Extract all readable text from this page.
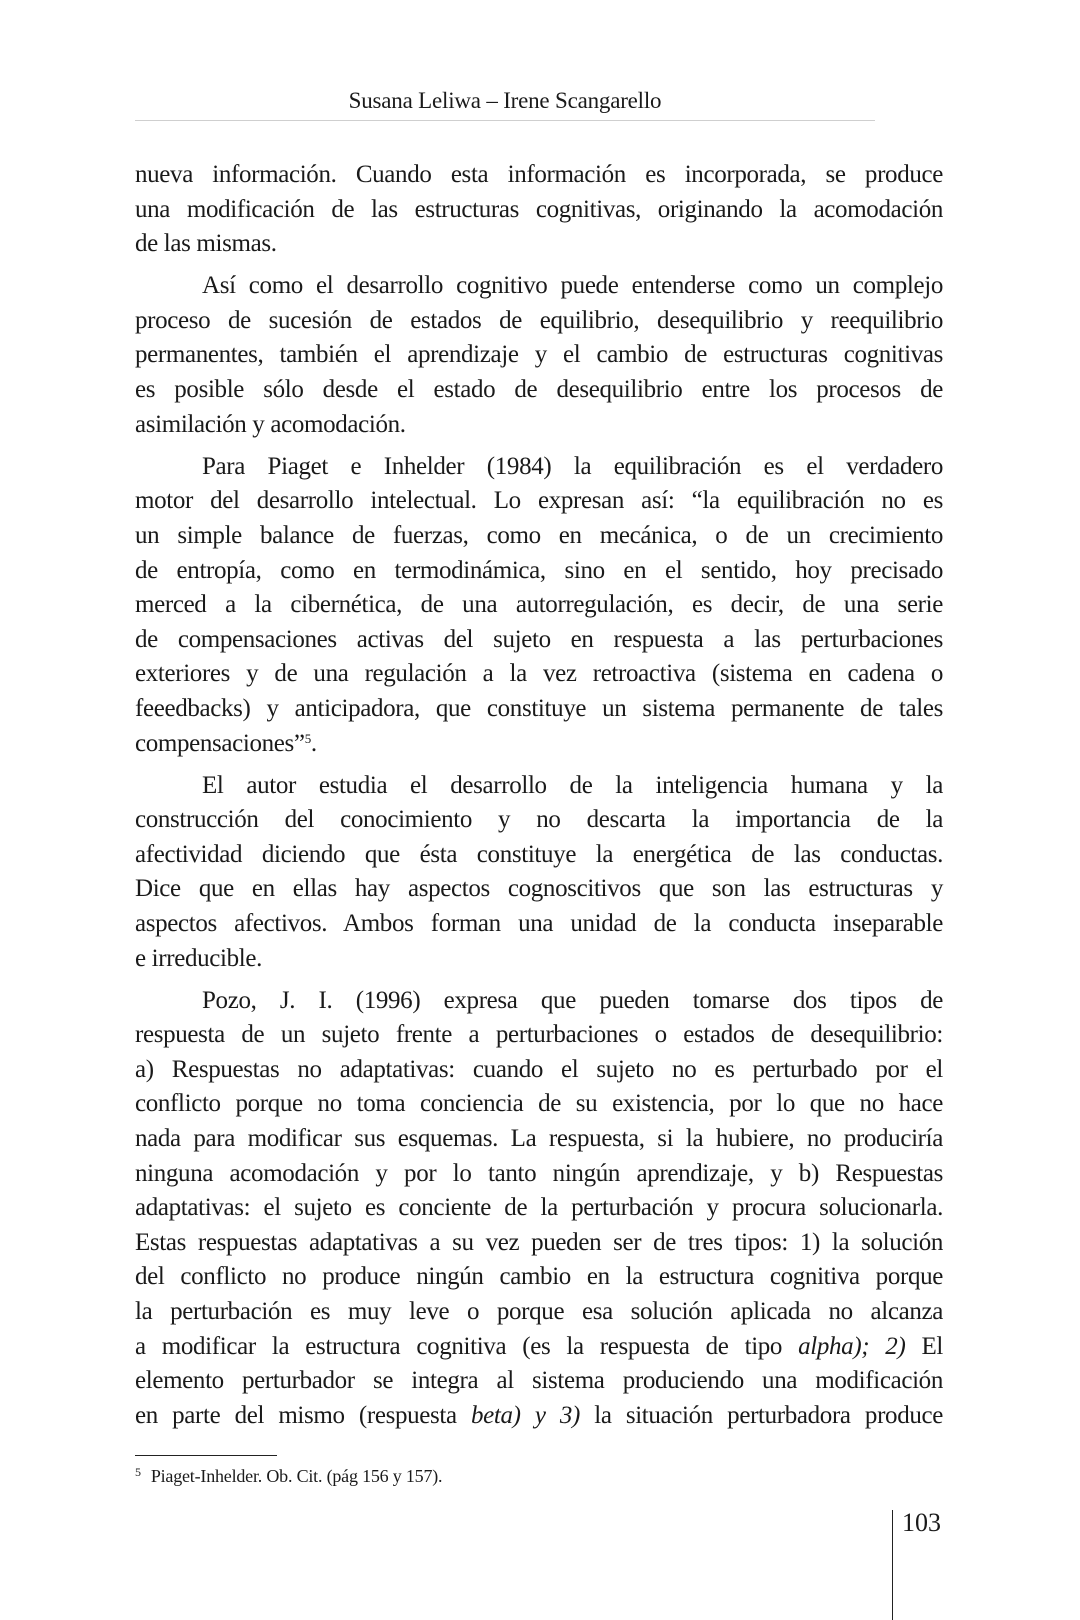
Susana Leliwa – Irene Scangarello
nueva información. Cuando esta información es incorporada, se produce
una modificación de las estructuras cognitivas, originando la acomodación
de las mismas.
Así como el desarrollo cognitivo puede entenderse como un complejo
proceso de sucesión de estados de equilibrio, desequilibrio y reequilibrio
permanentes, también el aprendizaje y el cambio de estructuras cognitivas
es posible sólo desde el estado de desequilibrio entre los procesos de
asimilación y acomodación.
Para Piaget e Inhelder (1984) la equilibración es el verdadero
motor del desarrollo intelectual. Lo expresan así: “la equilibración no es
un simple balance de fuerzas, como en mecánica, o de un crecimiento
de entropía, como en termodinámica, sino en el sentido, hoy precisado
merced a la cibernética, de una autorregulación, es decir, de una serie
de compensaciones activas del sujeto en respuesta a las perturbaciones
exteriores y de una regulación a la vez retroactiva (sistema en cadena o
feeedbacks) y anticipadora, que constituye un sistema permanente de tales
compensaciones”$^5$.
El autor estudia el desarrollo de la inteligencia humana y la
construcción del conocimiento y no descarta la importancia de la
afectividad diciendo que ésta constituye la energética de las conductas.
Dice que en ellas hay aspectos cognoscitivos que son las estructuras y
aspectos afectivos. Ambos forman una unidad de la conducta inseparable
e irreducible.
Pozo, J. I. (1996) expresa que pueden tomarse dos tipos de
respuesta de un sujeto frente a perturbaciones o estados de desequilibrio:
a) Respuestas no adaptativas: cuando el sujeto no es perturbado por el
conflicto porque no toma conciencia de su existencia, por lo que no hace
nada para modificar sus esquemas. La respuesta, si la hubiere, no produciría
ninguna acomodación y por lo tanto ningún aprendizaje, y b) Respuestas
adaptativas: el sujeto es conciente de la perturbación y procura solucionarla.
Estas respuestas adaptativas a su vez pueden ser de tres tipos: 1) la solución
del conflicto no produce ningún cambio en la estructura cognitiva porque
la perturbación es muy leve o porque esa solución aplicada no alcanza
a modificar la estructura cognitiva (es la respuesta de tipo alpha); 2) El
elemento perturbador se integra al sistema produciendo una modificación
en parte del mismo (respuesta beta) y 3) la situación perturbadora produce
$^5$ Piaget-Inhelder. Ob. Cit. (pág 156 y 157).
103
